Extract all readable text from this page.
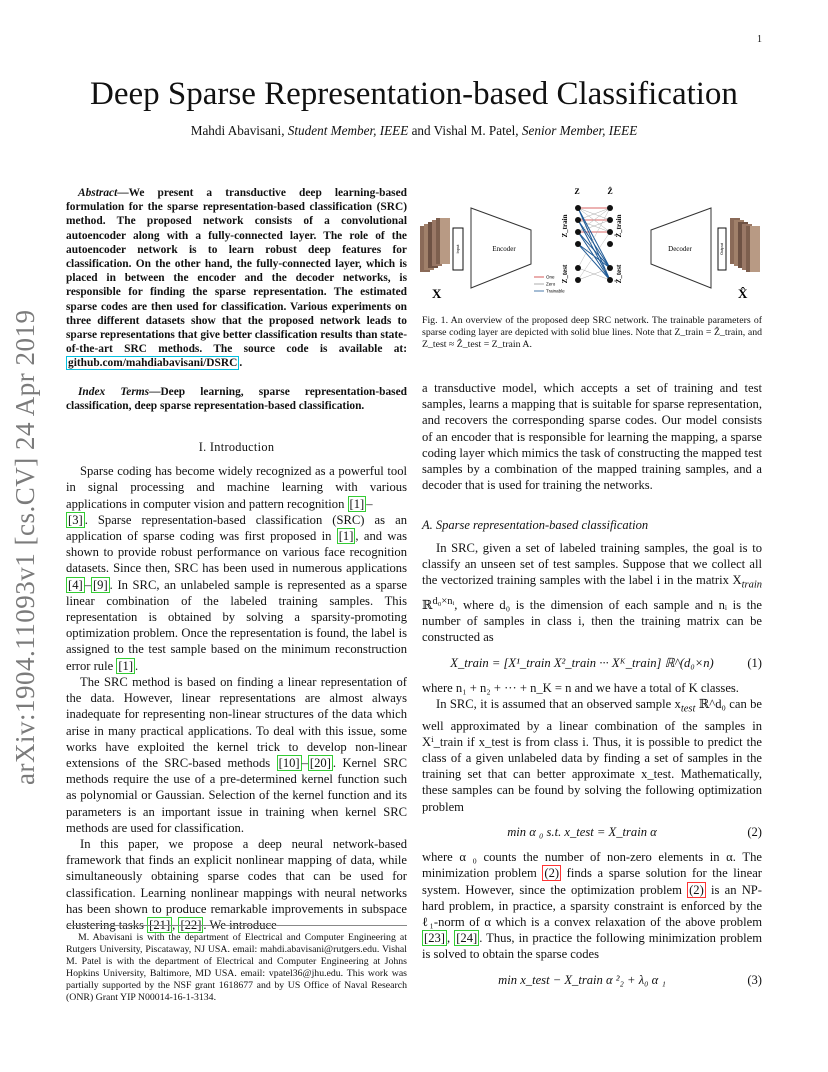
1
arXiv:1904.11093v1 [cs.CV] 24 Apr 2019
Deep Sparse Representation-based Classification
Mahdi Abavisani, Student Member, IEEE and Vishal M. Patel, Senior Member, IEEE

Abstract—We present a transductive deep learning-based formulation for the sparse representation-based classification (SRC) method. The proposed network consists of a convolutional autoencoder along with a fully-connected layer. The role of the autoencoder network is to learn robust deep features for classification. On the other hand, the fully-connected layer, which is placed in between the encoder and the decoder networks, is responsible for finding the sparse representation. The estimated sparse codes are then used for classification. Various experiments on three different datasets show that the proposed network leads to sparse representations that give better classification results than state-of-the-art SRC methods. The source code is available at: github.com/mahdiabavisani/DSRC .

Index Terms—Deep learning, sparse representation-based classification, deep sparse representation-based classification.

I. Introduction

Sparse coding has become widely recognized as a powerful tool in signal processing and machine learning with various applications in computer vision and pattern recognition [1] –
[3] . Sparse representation-based classification (SRC) as an application of sparse coding was first proposed in [1] , and was shown to provide robust performance on various face recognition datasets. Since then, SRC has been used in numerous applications [4] – [9] . In SRC, an unlabeled sample is represented as a sparse linear combination of the labeled training samples. This representation is obtained by solving a sparsity-promoting optimization problem. Once the representation is found, the label is assigned to the test sample based on the minimum reconstruction error rule [1] .

The SRC method is based on finding a linear representation of the data. However, linear representations are almost always inadequate for representing non-linear structures of the data which arise in many practical applications. To deal with this issue, some works have exploited the kernel trick to develop non-linear extensions of the SRC-based methods [10] – [20] . Kernel SRC methods require the use of a pre-determined kernel function such as polynomial or Gaussian. Selection of the kernel function and its parameters is an important issue in training when kernel SRC methods are used for classification.

In this paper, we propose a deep neural network-based framework that finds an explicit nonlinear mapping of data, while simultaneously obtaining sparse codes that can be used for classification. Learning nonlinear mappings with neural networks has been shown to produce remarkable improvements in subspace clustering tasks [21] , [22] . We introduce

M. Abavisani is with the department of Electrical and Computer Engineering at Rutgers University, Piscataway, NJ USA. email: mahdi.abavisani@rutgers.edu. Vishal M. Patel is with the department of Electrical and Computer Engineering at Johns Hopkins University, Baltimore, MD USA. email: vpatel36@jhu.edu. This work was partially supported by the NSF grant 1618677 and by US Office of Naval Research (ONR) Grant YIP N00014-16-1-3134.

Input	Encoder
Z	Ẑ
Z_train
Z_test
Ẑ_train
Ẑ_test
One
Zero
Trainable
Decoder	Output
X	X̂
Fig. 1. An overview of the proposed deep SRC network. The trainable parameters of sparse coding layer are depicted with solid blue lines. Note that Z_train = Ẑ_train, and Z_test ≈ Ẑ_test = Z_train A.

a transductive model, which accepts a set of training and test samples, learns a mapping that is suitable for sparse representation, and recovers the corresponding sparse codes. Our model consists of an encoder that is responsible for learning the mapping, a sparse coding layer which mimics the task of constructing the mapped test samples by a combination of the mapped training samples, and a decoder that is used for training the networks.

A. Sparse representation-based classification

In SRC, given a set of labeled training samples, the goal is to classify an unseen set of test samples. Suppose that we collect all the vectorized training samples with the label i in the matrix $X_{train}$ ℝ$^{d_0\times nᵢ}$, where d₀ is the dimension of each sample and nᵢ is the number of samples in class i, then the training matrix can be constructed as

X_train = [X¹_train X²_train ··· Xᴷ_train] ℝ^(d₀×n)	(1)

where n₁ + n₂ + ··· + n_K = n and we have a total of K classes.

In SRC, it is assumed that an observed sample $x_{test}$ ℝ^d₀ can be well approximated by a linear combination of the samples in Xⁱ_train if x_test is from class i. Thus, it is possible to predict the class of a given unlabeled data by finding a set of samples in the training set that can better approximate x_test. Mathematically, these samples can be found by solving the following optimization problem

min α ₀ s.t. x_test = X_train α	(2)

where α ₀ counts the number of non-zero elements in α. The minimization problem (2) finds a sparse solution for the linear system. However, since the optimization problem (2) is an NP-hard problem, in practice, a sparsity constraint is enforced by the ℓ₁-norm of α which is a convex relaxation of the above problem [23] , [24] . Thus, in practice the following minimization problem is solved to obtain the sparse codes

min x_test − X_train α ²₂ + λ₀ α ₁	(3)
